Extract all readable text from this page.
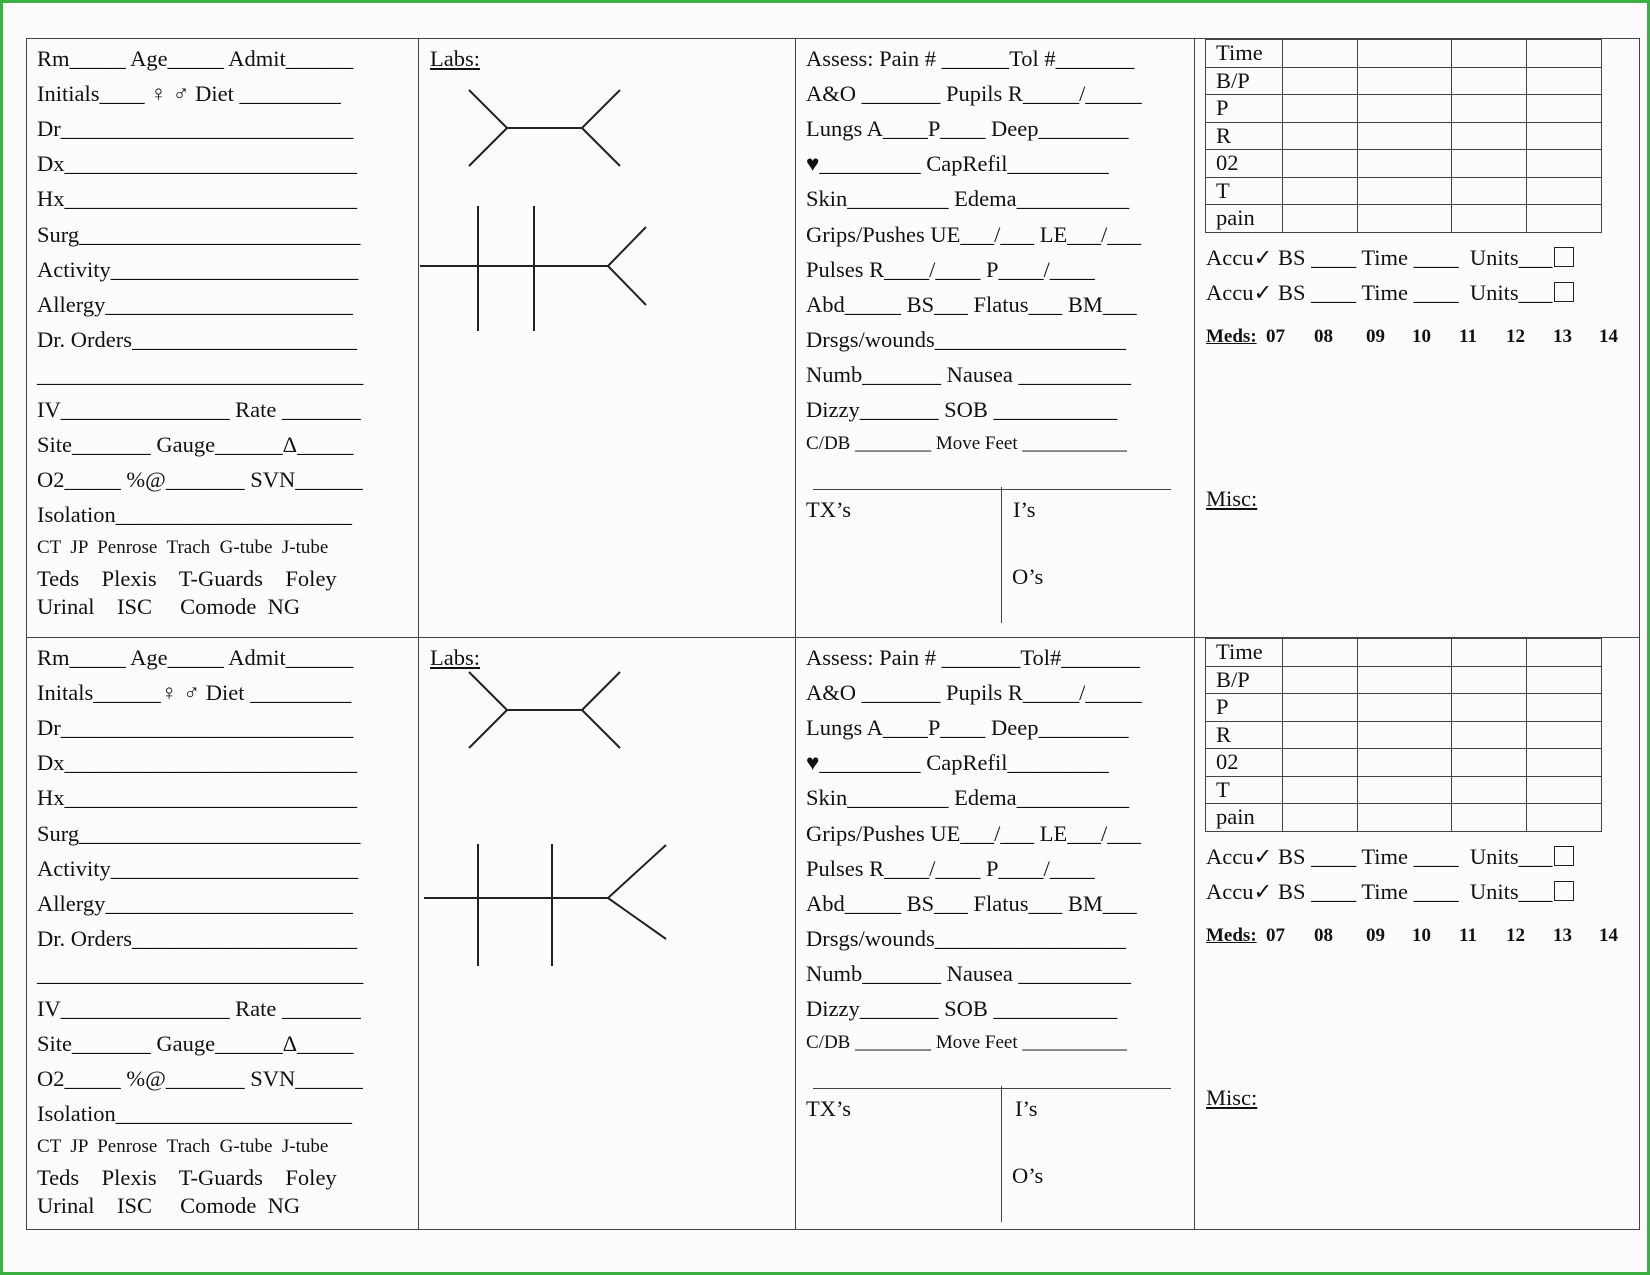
Rm_____ Age_____ Admit______
Initials____ ♀ ♂ Diet _________
Dr__________________________
Dx__________________________
Hx__________________________
Surg_________________________
Activity______________________
Allergy______________________
Dr. Orders____________________
_____________________________
IV_______________ Rate _______
Site_______ Gauge______Δ_____
O2_____ %@_______ SVN______
Isolation_____________________
CT  JP  Penrose  Trach  G-tube  J-tube
Teds    Plexis    T-Guards    Foley
Urinal    ISC     Comode  NG
Labs:	Assess: Pain # ______Tol #_______
A&O _______ Pupils R_____/_____
Lungs A____P____ Deep________
♥_________ CapRefil_________
Skin_________ Edema__________
Grips/Pushes UE___/___ LE___/___
Pulses R____/____ P____/____
Abd_____ BS___ Flatus___ BM___
Drsgs/wounds_________________
Numb_______ Nausea __________
Dizzy_______ SOB ___________
C/DB ________ Move Feet ___________
TX’s	I’s
O’s
Time				
B/P				
P				
R				
02				
T				
pain				
Accu✓ BS ____ Time ____  Units___
Accu✓ BS ____ Time ____  Units___
Meds: 07 08 09 10 11 12 13 14
Misc:
Rm_____ Age_____ Admit______
Initals______♀ ♂ Diet _________
Dr__________________________
Dx__________________________
Hx__________________________
Surg_________________________
Activity______________________
Allergy______________________
Dr. Orders____________________
_____________________________
IV_______________ Rate _______
Site_______ Gauge______Δ_____
O2_____ %@_______ SVN______
Isolation_____________________
CT  JP  Penrose  Trach  G-tube  J-tube
Teds    Plexis    T-Guards    Foley
Urinal    ISC     Comode  NG
Labs:	Assess: Pain # _______Tol#_______
A&O _______ Pupils R_____/_____
Lungs A____P____ Deep________
♥_________ CapRefil_________
Skin_________ Edema__________
Grips/Pushes UE___/___ LE___/___
Pulses R____/____ P____/____
Abd_____ BS___ Flatus___ BM___
Drsgs/wounds_________________
Numb_______ Nausea __________
Dizzy_______ SOB ___________
C/DB ________ Move Feet ___________
TX’s	I’s
O’s
Time				
B/P				
P				
R				
02				
T				
pain				
Accu✓ BS ____ Time ____  Units___
Accu✓ BS ____ Time ____  Units___
Meds: 07 08 09 10 11 12 13 14
Misc:
